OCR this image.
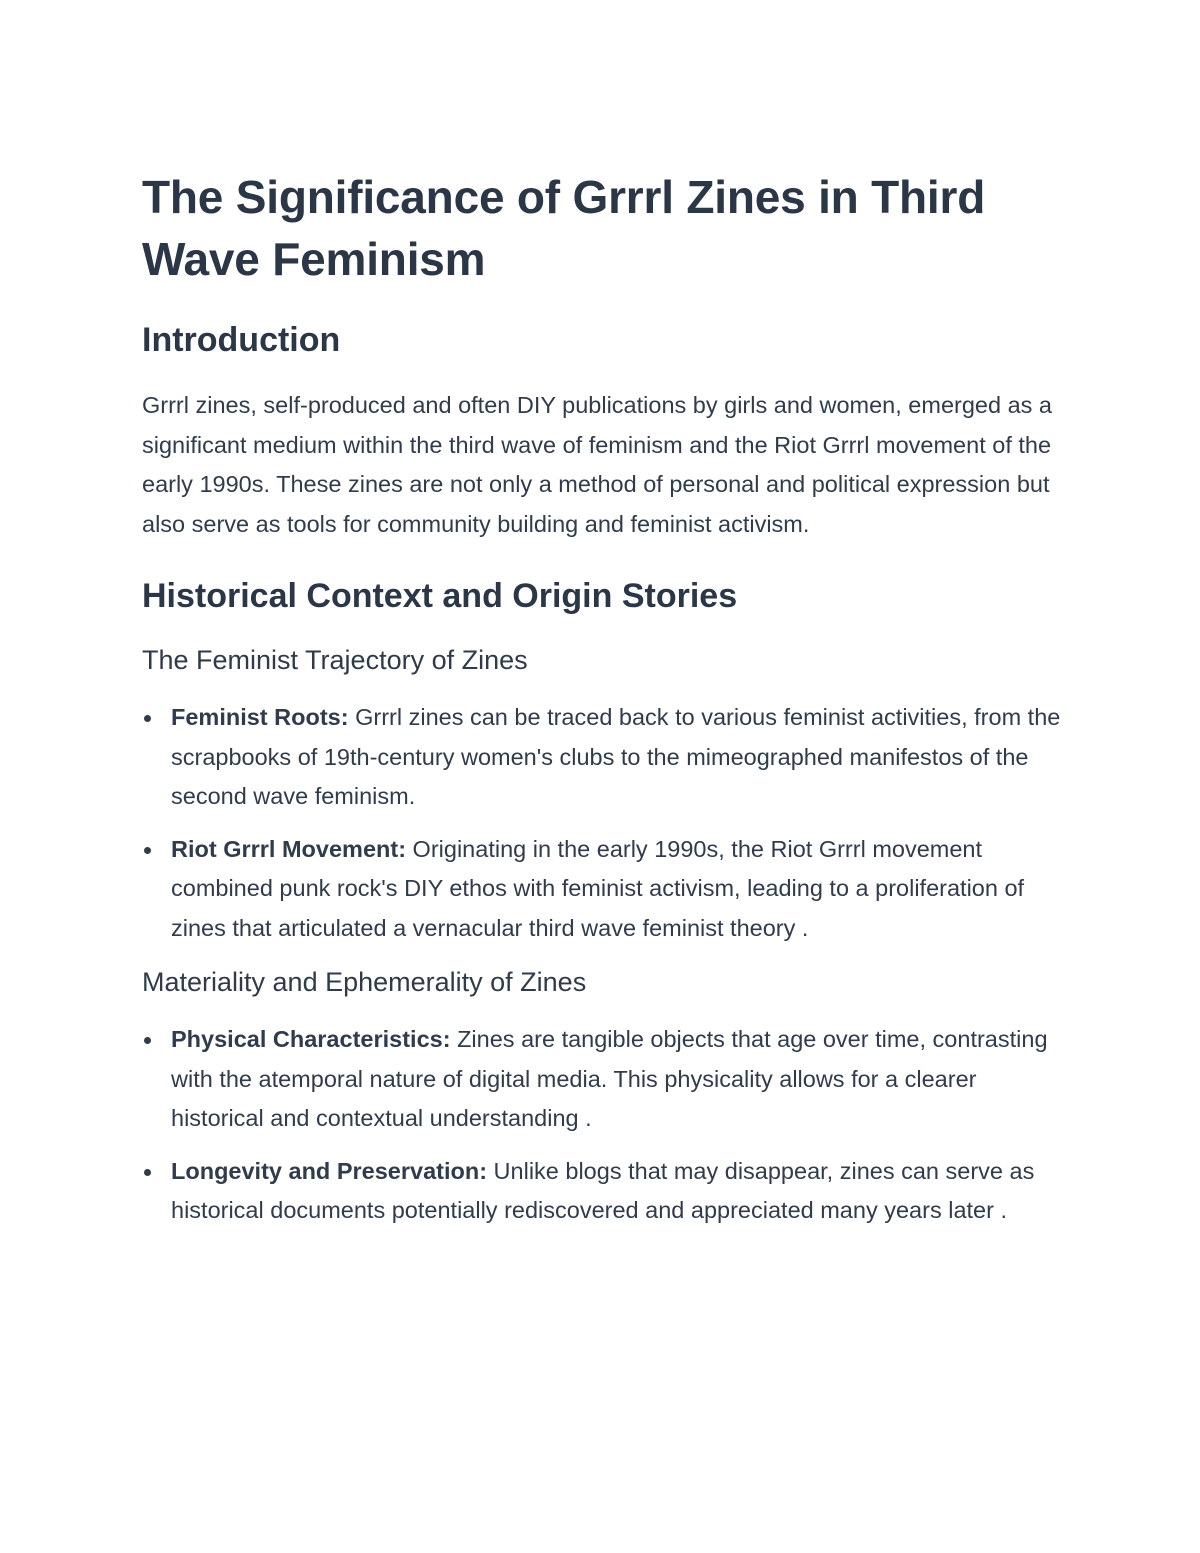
The Significance of Grrrl Zines in Third Wave Feminism
Introduction

Grrrl zines, self-produced and often DIY publications by girls and women, emerged as a significant medium within the third wave of feminism and the Riot Grrrl movement of the early 1990s. These zines are not only a method of personal and political expression but also serve as tools for community building and feminist activism.

Historical Context and Origin Stories
The Feminist Trajectory of Zines
Feminist Roots: Grrrl zines can be traced back to various feminist activities, from the scrapbooks of 19th-century women's clubs to the mimeographed manifestos of the second wave feminism.
Riot Grrrl Movement: Originating in the early 1990s, the Riot Grrrl movement combined punk rock's DIY ethos with feminist activism, leading to a proliferation of zines that articulated a vernacular third wave feminist theory .
Materiality and Ephemerality of Zines
Physical Characteristics: Zines are tangible objects that age over time, contrasting with the atemporal nature of digital media. This physicality allows for a clearer historical and contextual understanding .
Longevity and Preservation: Unlike blogs that may disappear, zines can serve as historical documents potentially rediscovered and appreciated many years later .
